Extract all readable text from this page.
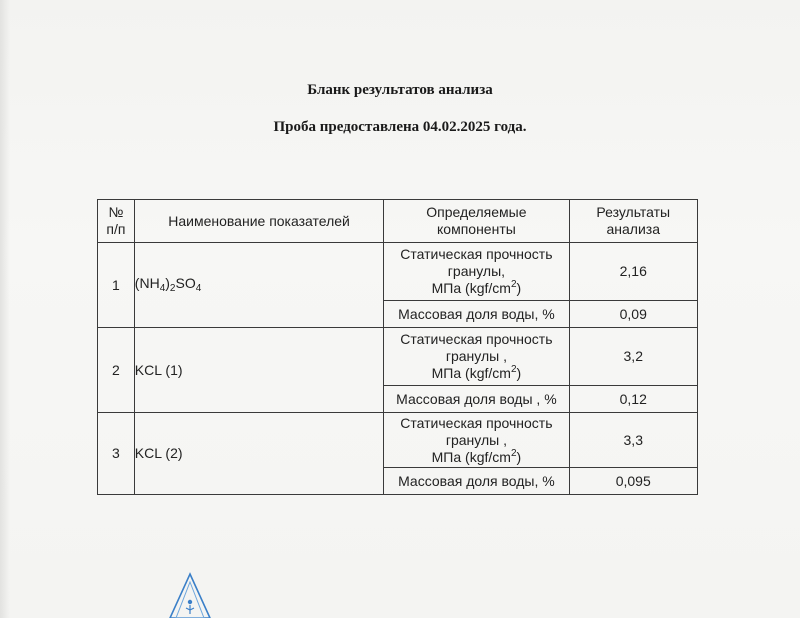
Бланк результатов анализа
Проба предоставлена 04.02.2025 года.
№
п/п	Наименование показателей	Определяемые
компоненты	Результаты
анализа
1	$(NH_4)_2SO_4$	Статическая прочность
гранулы,
МПа $(kgf/cm^2)$	2,16
		Массовая доля воды, %	0,09
2	KCL (1)	Статическая прочность
гранулы ,
МПа $(kgf/cm^2)$	3,2
		Массовая доля воды , %	0,12
3	KCL (2)	Статическая прочность
гранулы ,
МПа $(kgf/cm^2)$	3,3
		Массовая доля воды, %	0,095
